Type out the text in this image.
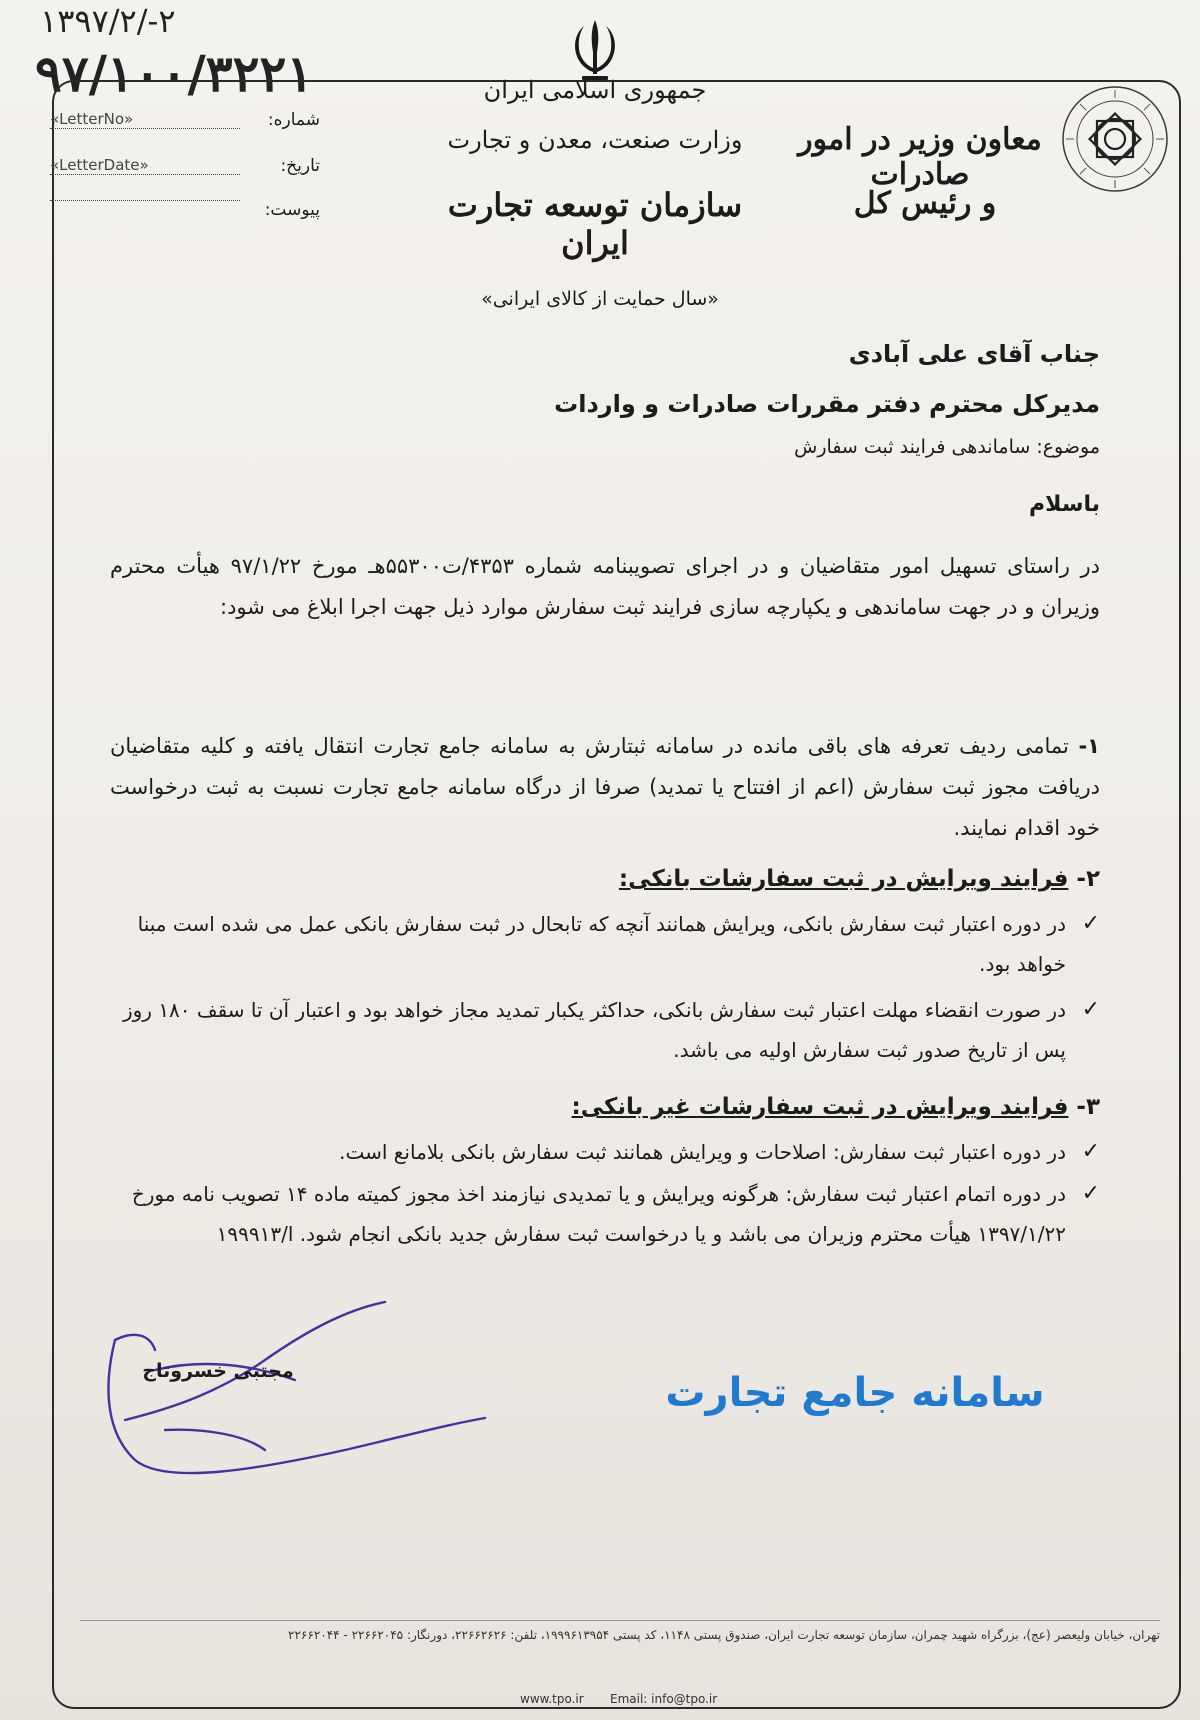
۱۳۹۷/۲/-۲
۹۷/۱۰۰/۳۲۲۱	جمهوری اسلامی ایران
وزارت صنعت، معدن و تجارت
سازمان توسعه تجارت ایران
معاون وزیر در امور صادرات
و رئیس کل
شماره:
«LetterNo»
تاریخ:
«LetterDate»
پیوست:
«سال حمایت از کالای ایرانی»
جناب آقای علی آبادی
مدیرکل محترم دفتر مقررات صادرات و واردات
موضوع: ساماندهی فرایند ثبت سفارش
باسلام
در راستای تسهیل امور متقاضیان و در اجرای تصویبنامه شماره ۴۳۵۳/ت۵۵۳۰۰هـ مورخ ۹۷/۱/۲۲ هیأت محترم وزیران و در جهت ساماندهی و یکپارچه سازی فرایند ثبت سفارش موارد ذیل جهت اجرا ابلاغ می شود:
۱- تمامی ردیف تعرفه های باقی مانده در سامانه ثبتارش به سامانه جامع تجارت انتقال یافته و کلیه متقاضیان دریافت مجوز ثبت سفارش (اعم از افتتاح یا تمدید) صرفا از درگاه سامانه جامع تجارت نسبت به ثبت درخواست خود اقدام نمایند.
۲- فرایند ویرایش در ثبت سفارشات بانکی:
✓
در دوره اعتبار ثبت سفارش بانکی، ویرایش همانند آنچه که تابحال در ثبت سفارش بانکی عمل می شده است مبنا خواهد بود.
✓
در صورت انقضاء مهلت اعتبار ثبت سفارش بانکی، حداکثر یکبار تمدید مجاز خواهد بود و اعتبار آن تا سقف ۱۸۰ روز پس از تاریخ صدور ثبت سفارش اولیه می باشد.
۳- فرایند ویرایش در ثبت سفارشات غیر بانکی:
✓
در دوره اعتبار ثبت سفارش: اصلاحات و ویرایش همانند ثبت سفارش بانکی بلامانع است.
✓
در دوره اتمام اعتبار ثبت سفارش: هرگونه ویرایش و یا تمدیدی نیازمند اخذ مجوز کمیته ماده ۱۴ تصویب نامه مورخ ۱۳۹۷/۱/۲۲ هیأت محترم وزیران می باشد و یا درخواست ثبت سفارش جدید بانکی انجام شود. ا/۱۹۹۹۱۳
مجتبی خسروتاج	سامانه جامع تجارت
تهران، خیابان ولیعصر (عج)، بزرگراه شهید چمران، سازمان توسعه تجارت ایران، صندوق پستی ۱۱۴۸، کد پستی ۱۹۹۹۶۱۳۹۵۴، تلفن: ۲۲۶۶۲۶۲۶، دورنگار: ۲۲۶۶۲۰۴۵ - ۲۲۶۶۲۰۴۴
www.tpo.ir Email: info@tpo.ir
